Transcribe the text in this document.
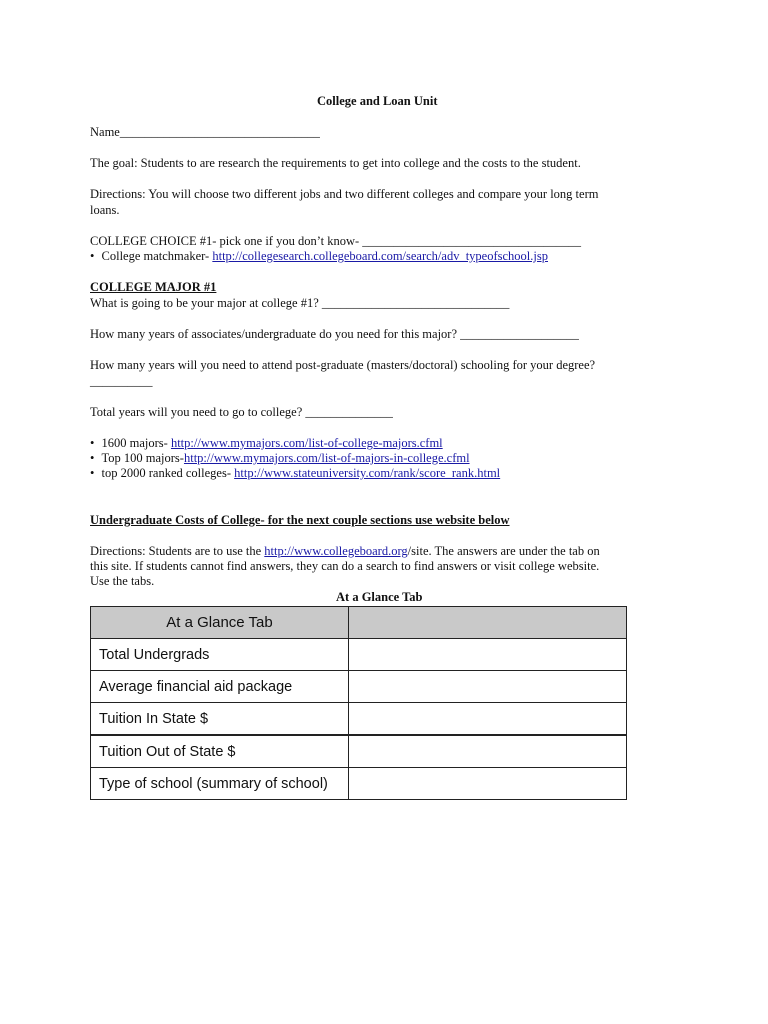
College and Loan Unit
Name________________________________
The goal: Students to are research the requirements to get into college and the costs to the student.
Directions: You will choose two different jobs and two different colleges and compare your long term
loans.
COLLEGE CHOICE #1- pick one if you don’t know- ___________________________________
• College matchmaker- http://collegesearch.collegeboard.com/search/adv_typeofschool.jsp
COLLEGE MAJOR #1
What is going to be your major at college #1? ______________________________
How many years of associates/undergraduate do you need for this major? ___________________
How many years will you need to attend post-graduate (masters/doctoral) schooling for your degree?
__________
Total years will you need to go to college? ______________
• 1600 majors- http://www.mymajors.com/list-of-college-majors.cfml
• Top 100 majors-http://www.mymajors.com/list-of-majors-in-college.cfml
• top 2000 ranked colleges- http://www.stateuniversity.com/rank/score_rank.html
Undergraduate Costs of College- for the next couple sections use website below
Directions: Students are to use the http://www.collegeboard.org/site. The answers are under the tab on
this site. If students cannot find answers, they can do a search to find answers or visit college website.
Use the tabs.
At a Glance Tab
At a Glance Tab	
Total Undergrads	
Average financial aid package	
Tuition In State $	
Tuition Out of State $	
Type of school (summary of school)	
